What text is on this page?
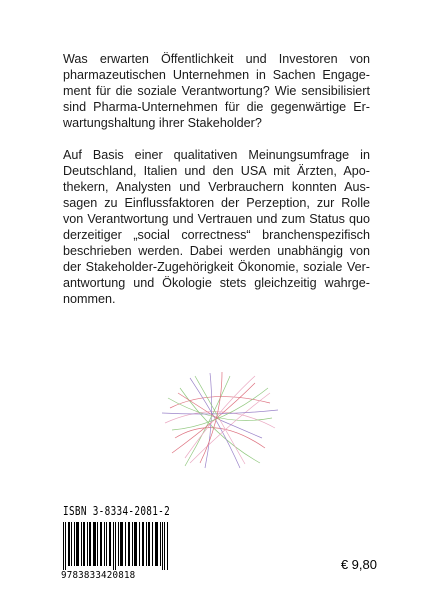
Was erwarten Öffentlichkeit und Investoren von pharmazeutischen Unternehmen in Sachen Engagement für die soziale Verantwortung? Wie sensibilisiert sind Pharma-Unternehmen für die gegenwärtige Erwartungshaltung ihrer Stakeholder?

Auf Basis einer qualitativen Meinungsumfrage in Deutschland, Italien und den USA mit Ärzten, Apothekern, Analysten und Verbrauchern konnten Aussagen zu Einflussfaktoren der Perzeption, zur Rolle von Verantwortung und Vertrauen und zum Status quo derzeitiger „social correctness“ branchenspezifisch beschrieben werden. Dabei werden unabhängig von der Stakeholder-Zugehörigkeit Ökonomie, soziale Verantwortung und Ökologie stets gleichzeitig wahrgenommen.

ISBN 3-8334-2081-2
9783833420818
€ 9,80
